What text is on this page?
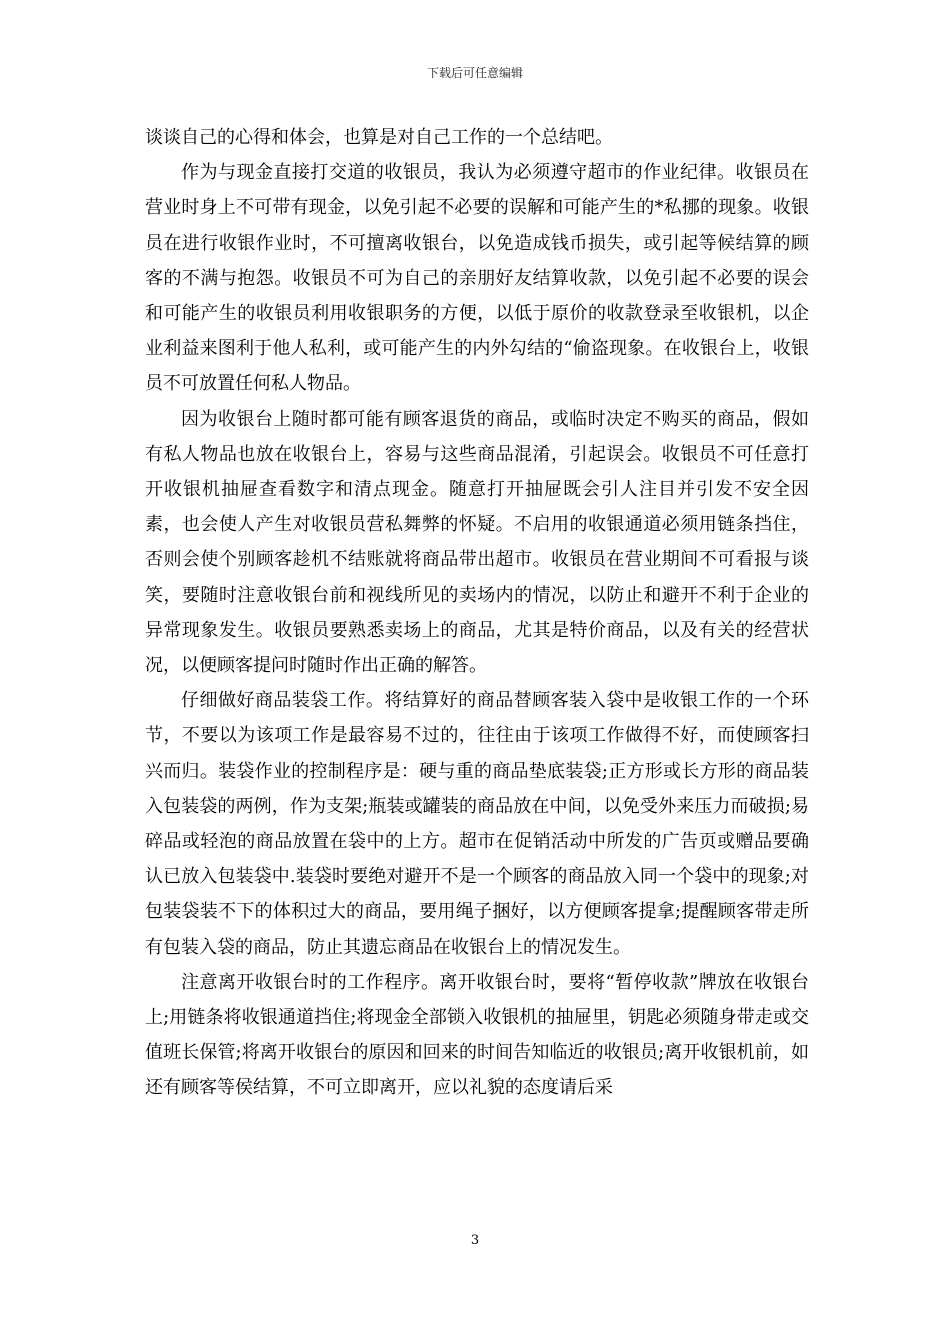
下载后可任意编辑

谈谈自己的心得和体会，也算是对自己工作的一个总结吧。

作为与现金直接打交道的收银员，我认为必须遵守超市的作业纪律。收银员在营业时身上不可带有现金，以免引起不必要的误解和可能产生的*私挪的现象。收银员在进行收银作业时，不可擅离收银台，以免造成钱币损失，或引起等候结算的顾客的不满与抱怨。收银员不可为自己的亲朋好友结算收款，以免引起不必要的误会和可能产生的收银员利用收银职务的方便，以低于原价的收款登录至收银机，以企业利益来图利于他人私利，或可能产生的内外勾结的“偷盗现象。在收银台上，收银员不可放置任何私人物品。

因为收银台上随时都可能有顾客退货的商品，或临时决定不购买的商品，假如有私人物品也放在收银台上，容易与这些商品混淆，引起误会。收银员不可任意打开收银机抽屉查看数字和清点现金。随意打开抽屉既会引人注目并引发不安全因素，也会使人产生对收银员营私舞弊的怀疑。不启用的收银通道必须用链条挡住，否则会使个别顾客趁机不结账就将商品带出超市。收银员在营业期间不可看报与谈笑，要随时注意收银台前和视线所见的卖场内的情况，以防止和避开不利于企业的异常现象发生。收银员要熟悉卖场上的商品，尤其是特价商品，以及有关的经营状况，以便顾客提问时随时作出正确的解答。

仔细做好商品装袋工作。将结算好的商品替顾客装入袋中是收银工作的一个环节，不要以为该项工作是最容易不过的，往往由于该项工作做得不好，而使顾客扫兴而归。装袋作业的控制程序是：硬与重的商品垫底装袋;正方形或长方形的商品装入包装袋的两例，作为支架;瓶装或罐装的商品放在中间，以免受外来压力而破损;易碎品或轻泡的商品放置在袋中的上方。超市在促销活动中所发的广告页或赠品要确认已放入包装袋中.装袋时要绝对避开不是一个顾客的商品放入同一个袋中的现象;对包装袋装不下的体积过大的商品，要用绳子捆好，以方便顾客提拿;提醒顾客带走所有包装入袋的商品，防止其遗忘商品在收银台上的情况发生。

注意离开收银台时的工作程序。离开收银台时，要将“暂停收款”牌放在收银台上;用链条将收银通道挡住;将现金全部锁入收银机的抽屉里，钥匙必须随身带走或交值班长保管;将离开收银台的原因和回来的时间告知临近的收银员;离开收银机前，如还有顾客等侯结算，不可立即离开，应以礼貌的态度请后采

3
